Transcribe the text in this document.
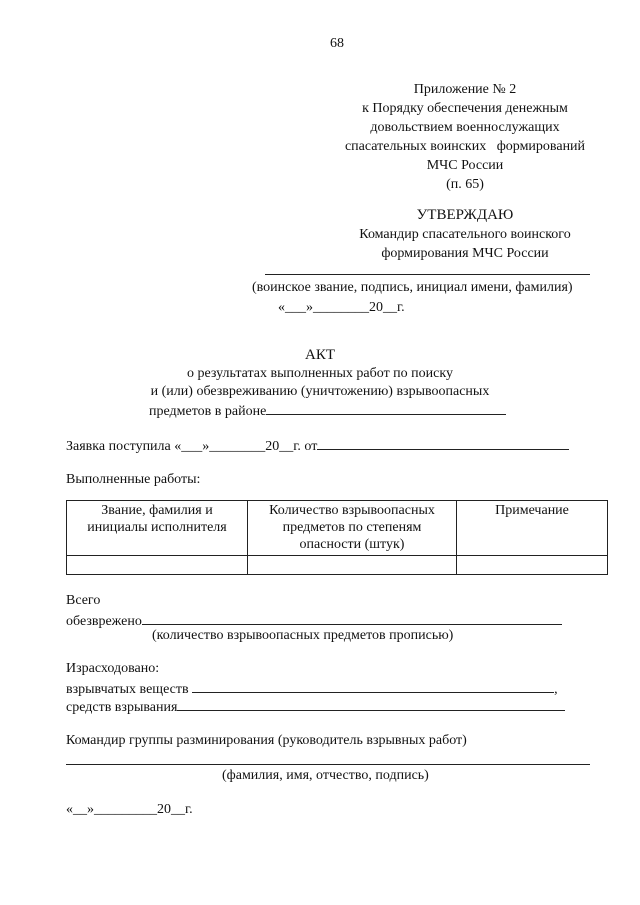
68
Приложение № 2
к Порядку обеспечения денежным
довольствием военнослужащих
спасательных воинских   формирований
МЧС России
(п. 65)
УТВЕРЖДАЮ
Командир спасательного воинского
формирования МЧС России
(воинское звание, подпись, инициал имени, фамилия)
«___»________20__г.
АКТ
о результатах выполненных работ по поиску
и (или) обезвреживанию (уничтожению) взрывоопасных
предметов в районе
Заявка поступила «___»________20__г. от
Выполненные работы:
Звание, фамилия и инициалы исполнителя	Количество взрывоопасных предметов по степеням опасности (штук)	Примечание

Всего
обезврежено
(количество взрывоопасных предметов прописью)
Израсходовано:
взрывчатых веществ	,
средств взрывания
Командир группы разминирования (руководитель взрывных работ)
(фамилия, имя, отчество, подпись)
«__»_________20__г.
